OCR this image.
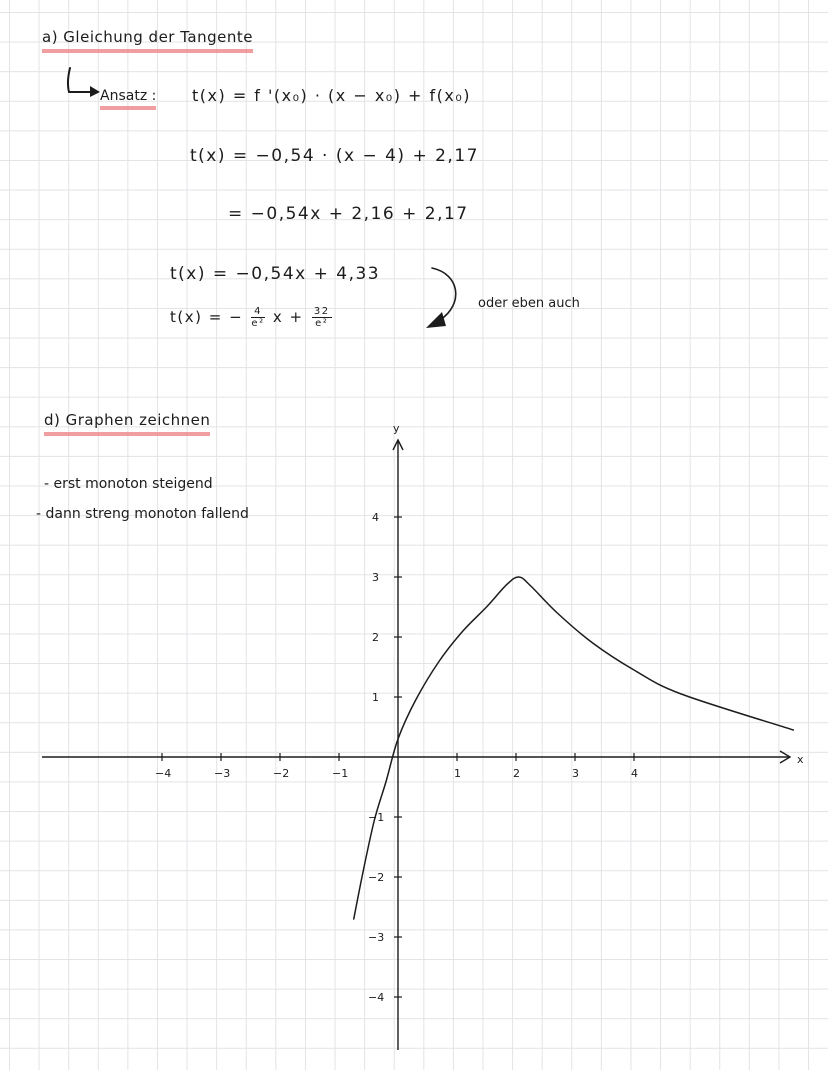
a) Gleichung der Tangente
Ansatz : t(x) = f '(x₀) · (x − x₀) + f(x₀)
t(x) = −0,54 · (x − 4) + 2,17
= −0,54x + 2,16 + 2,17
t(x) = −0,54x + 4,33
t(x) = − $\frac{4}{\text{e²}}$ $x + \frac{32}{\text{e²}}$
oder eben auch
d) Graphen zeichnen
- erst monoton steigend
- dann streng monoton fallend
x
y
−4	−3	−2	−1	1	2	3	4
−4
−3
−2
−1
1
2
3
4
